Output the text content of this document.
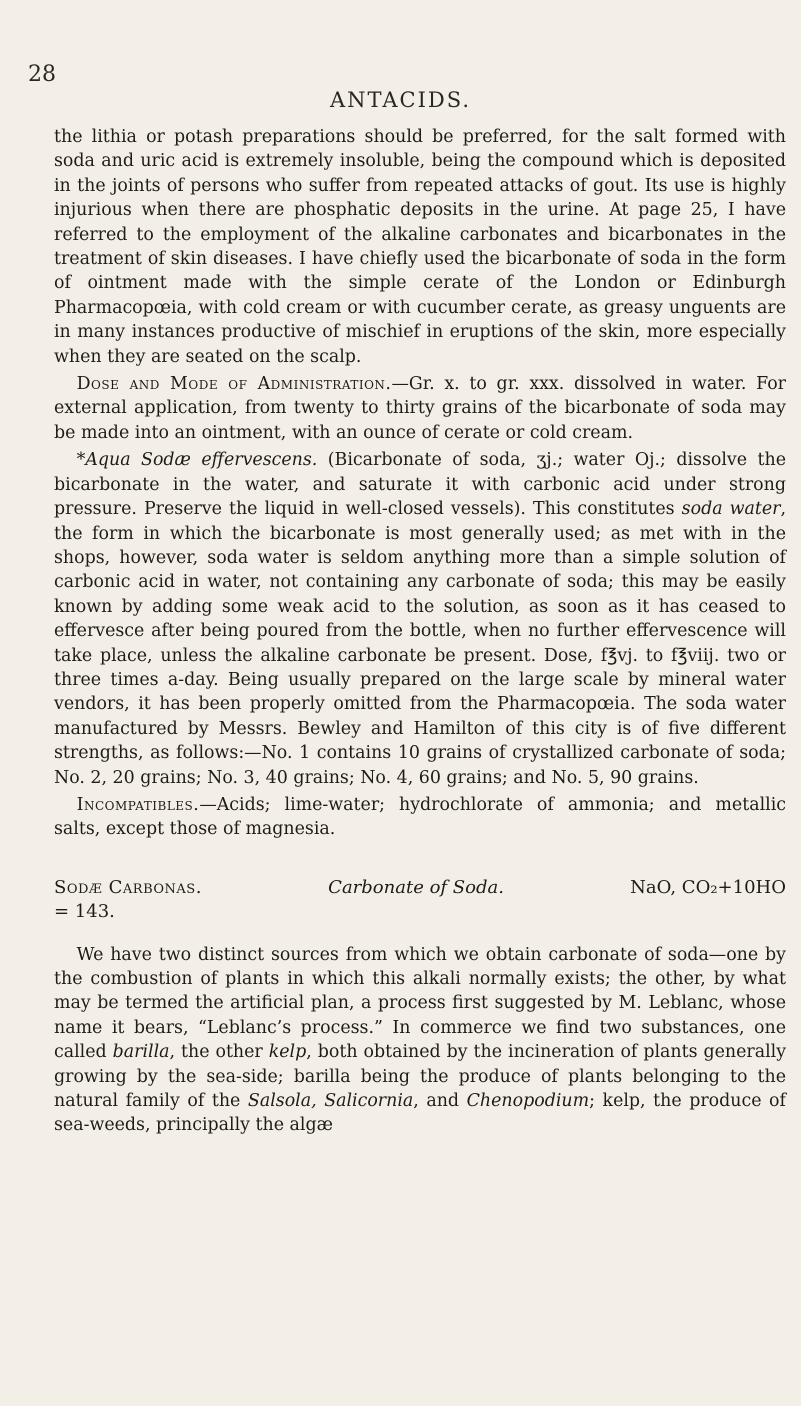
28
ANTACIDS.

the lithia or potash preparations should be preferred, for the salt formed with soda and uric acid is extremely insoluble, being the compound which is deposited in the joints of persons who suffer from repeated attacks of gout. Its use is highly injurious when there are phosphatic deposits in the urine. At page 25, I have referred to the employment of the alkaline carbonates and bicarbonates in the treatment of skin diseases. I have chiefly used the bicarbonate of soda in the form of ointment made with the simple cerate of the London or Edinburgh Pharmacopœia, with cold cream or with cucumber cerate, as greasy unguents are in many instances productive of mischief in eruptions of the skin, more especially when they are seated on the scalp.

Dose and Mode of Administration.—Gr. x. to gr. xxx. dissolved in water. For external application, from twenty to thirty grains of the bicarbonate of soda may be made into an ointment, with an ounce of cerate or cold cream.

*Aqua Sodæ effervescens. (Bicarbonate of soda, ʒj.; water Oj.; dissolve the bicarbonate in the water, and saturate it with carbonic acid under strong pressure. Preserve the liquid in well-closed vessels). This constitutes soda water, the form in which the bicarbonate is most generally used; as met with in the shops, however, soda water is seldom anything more than a simple solution of carbonic acid in water, not containing any carbonate of soda; this may be easily known by adding some weak acid to the solution, as soon as it has ceased to effervesce after being poured from the bottle, when no further effervescence will take place, unless the alkaline carbonate be present. Dose, f℥vj. to f℥viij. two or three times a-day. Being usually prepared on the large scale by mineral water vendors, it has been properly omitted from the Pharmacopœia. The soda water manufactured by Messrs. Bewley and Hamilton of this city is of five different strengths, as follows:—No. 1 contains 10 grains of crystallized carbonate of soda; No. 2, 20 grains; No. 3, 40 grains; No. 4, 60 grains; and No. 5, 90 grains.

Incompatibles.—Acids; lime-water; hydrochlorate of ammonia; and metallic salts, except those of magnesia.

Sodæ Carbonas.
= 143.
Carbonate of Soda.	NaO, CO₂+10HO

We have two distinct sources from which we obtain carbonate of soda—one by the combustion of plants in which this alkali normally exists; the other, by what may be termed the artificial plan, a process first suggested by M. Leblanc, whose name it bears, “Leblanc’s process.” In commerce we find two substances, one called barilla, the other kelp, both obtained by the incineration of plants generally growing by the sea-side; barilla being the produce of plants belonging to the natural family of the Salsola, Salicornia, and Chenopodium; kelp, the produce of sea-weeds, principally the algæ
